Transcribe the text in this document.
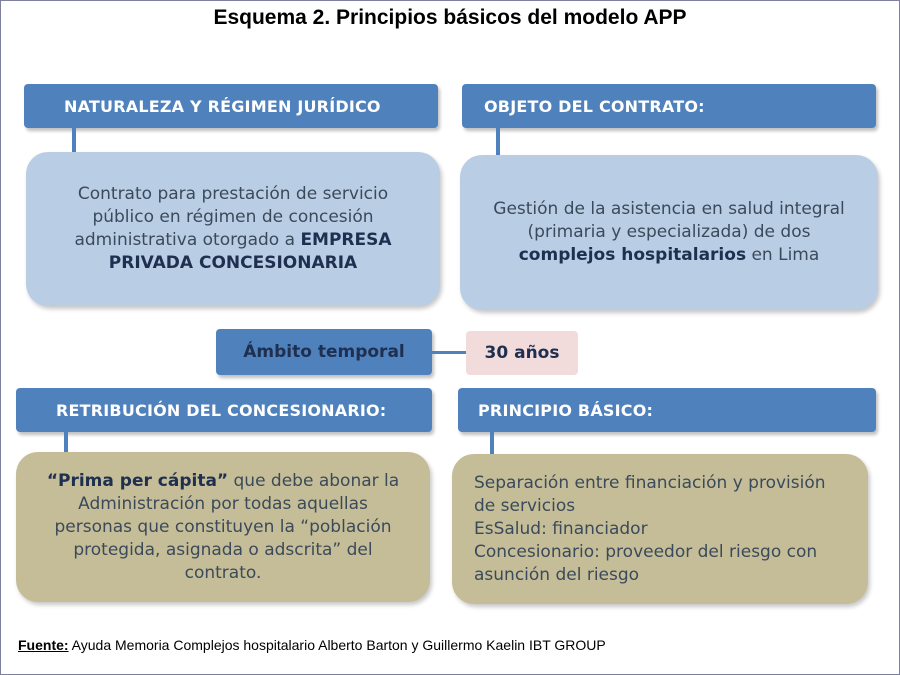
Esquema 2. Principios básicos del modelo APP
NATURALEZA Y RÉGIMEN JURÍDICO
Contrato para prestación de servicio público en régimen de concesión administrativa otorgado a EMPRESA PRIVADA CONCESIONARIA
OBJETO DEL CONTRATO:
Gestión de la asistencia en salud integral (primaria y especializada) de dos complejos hospitalarios en Lima
Ámbito temporal	30 años
RETRIBUCIÓN DEL CONCESIONARIO:
“Prima per cápita” que debe abonar la Administración por todas aquellas personas que constituyen la “población protegida, asignada o adscrita” del contrato.
PRINCIPIO BÁSICO:
Separación entre financiación y provisión de servicios
EsSalud: financiador
Concesionario: proveedor del riesgo con asunción del riesgo
Fuente: Ayuda Memoria Complejos hospitalario Alberto Barton y Guillermo Kaelin IBT GROUP
